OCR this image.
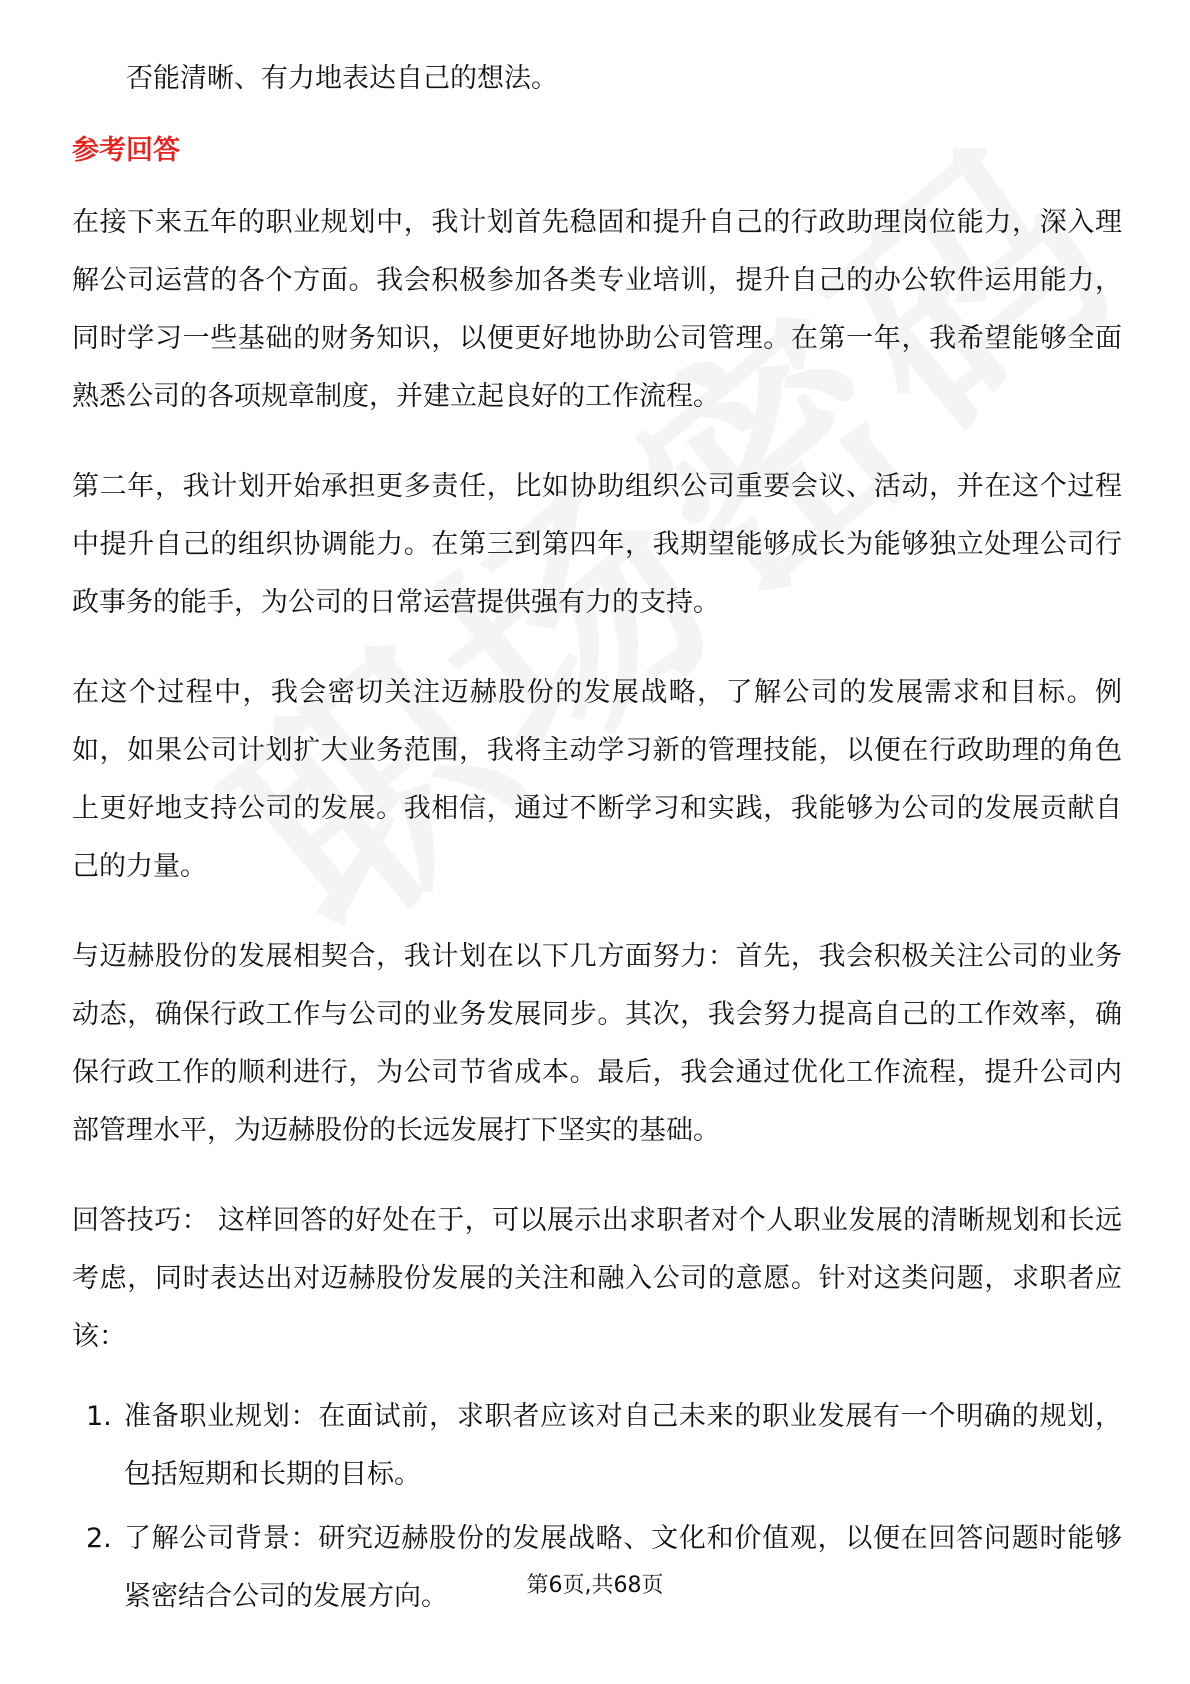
否能清晰、有力地表达自己的想法。

参考回答

在接下来五年的职业规划中，我计划首先稳固和提升自己的行政助理岗位能力，深入理解公司运营的各个方面。我会积极参加各类专业培训，提升自己的办公软件运用能力，同时学习一些基础的财务知识，以便更好地协助公司管理。在第一年，我希望能够全面熟悉公司的各项规章制度，并建立起良好的工作流程。

第二年，我计划开始承担更多责任，比如协助组织公司重要会议、活动，并在这个过程中提升自己的组织协调能力。在第三到第四年，我期望能够成长为能够独立处理公司行政事务的能手，为公司的日常运营提供强有力的支持。

在这个过程中，我会密切关注迈赫股份的发展战略，了解公司的发展需求和目标。例如，如果公司计划扩大业务范围，我将主动学习新的管理技能，以便在行政助理的角色上更好地支持公司的发展。我相信，通过不断学习和实践，我能够为公司的发展贡献自己的力量。

与迈赫股份的发展相契合，我计划在以下几方面努力：首先，我会积极关注公司的业务动态，确保行政工作与公司的业务发展同步。其次，我会努力提高自己的工作效率，确保行政工作的顺利进行，为公司节省成本。最后，我会通过优化工作流程，提升公司内部管理水平，为迈赫股份的长远发展打下坚实的基础。

回答技巧： 这样回答的好处在于，可以展示出求职者对个人职业发展的清晰规划和长远考虑，同时表达出对迈赫股份发展的关注和融入公司的意愿。针对这类问题，求职者应该：

1. 准备职业规划：在面试前，求职者应该对自己未来的职业发展有一个明确的规划，包括短期和长期的目标。
2. 了解公司背景：研究迈赫股份的发展战略、文化和价值观，以便在回答问题时能够紧密结合公司的发展方向。	第6页,共68页
